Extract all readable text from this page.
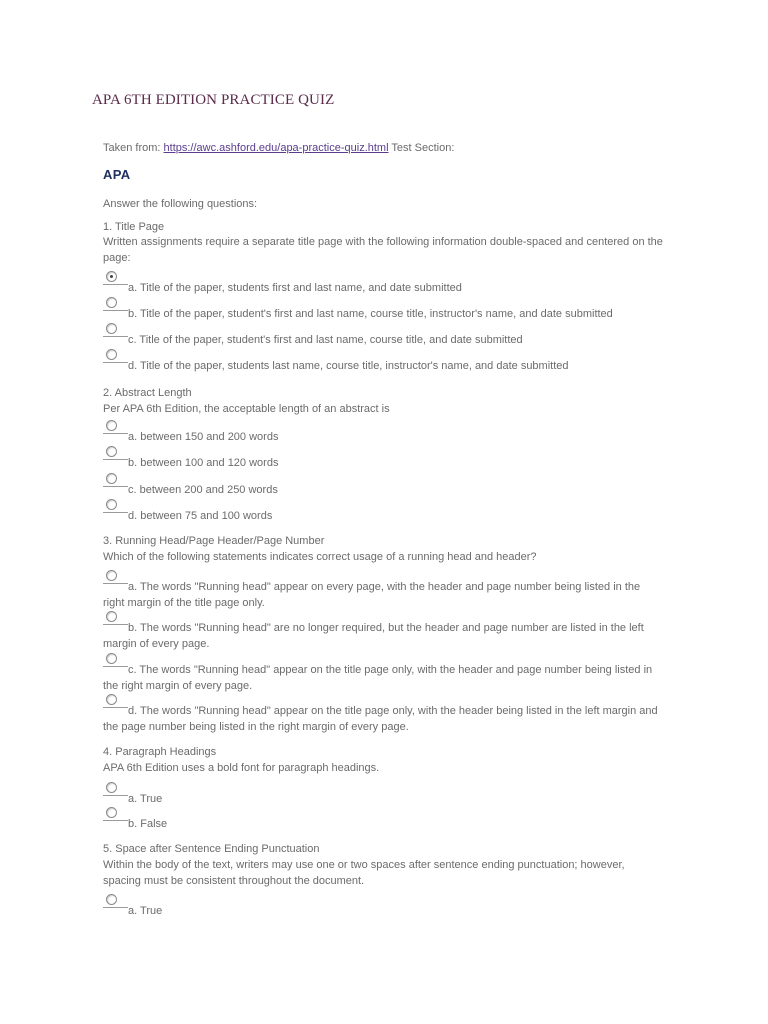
APA 6TH EDITION PRACTICE QUIZ
Taken from: https://awc.ashford.edu/apa-practice-quiz.html Test Section:
APA
Answer the following questions:
1. Title Page
Written assignments require a separate title page with the following information double-spaced and centered on the page:
a. Title of the paper, students first and last name, and date submitted
b. Title of the paper, student's first and last name, course title, instructor's name, and date submitted
c. Title of the paper, student's first and last name, course title, and date submitted
d. Title of the paper, students last name, course title, instructor's name, and date submitted
2. Abstract Length
Per APA 6th Edition, the acceptable length of an abstract is
a. between 150 and 200 words
b. between 100 and 120 words
c. between 200 and 250 words
d. between 75 and 100 words
3. Running Head/Page Header/Page Number
Which of the following statements indicates correct usage of a running head and header?
a. The words "Running head" appear on every page, with the header and page number being listed in the right margin of the title page only.
b. The words "Running head" are no longer required, but the header and page number are listed in the left margin of every page.
c. The words "Running head" appear on the title page only, with the header and page number being listed in the right margin of every page.
d. The words "Running head" appear on the title page only, with the header being listed in the left margin and the page number being listed in the right margin of every page.
4. Paragraph Headings
APA 6th Edition uses a bold font for paragraph headings.
a. True
b. False
5. Space after Sentence Ending Punctuation
Within the body of the text, writers may use one or two spaces after sentence ending punctuation; however, spacing must be consistent throughout the document.
a. True
